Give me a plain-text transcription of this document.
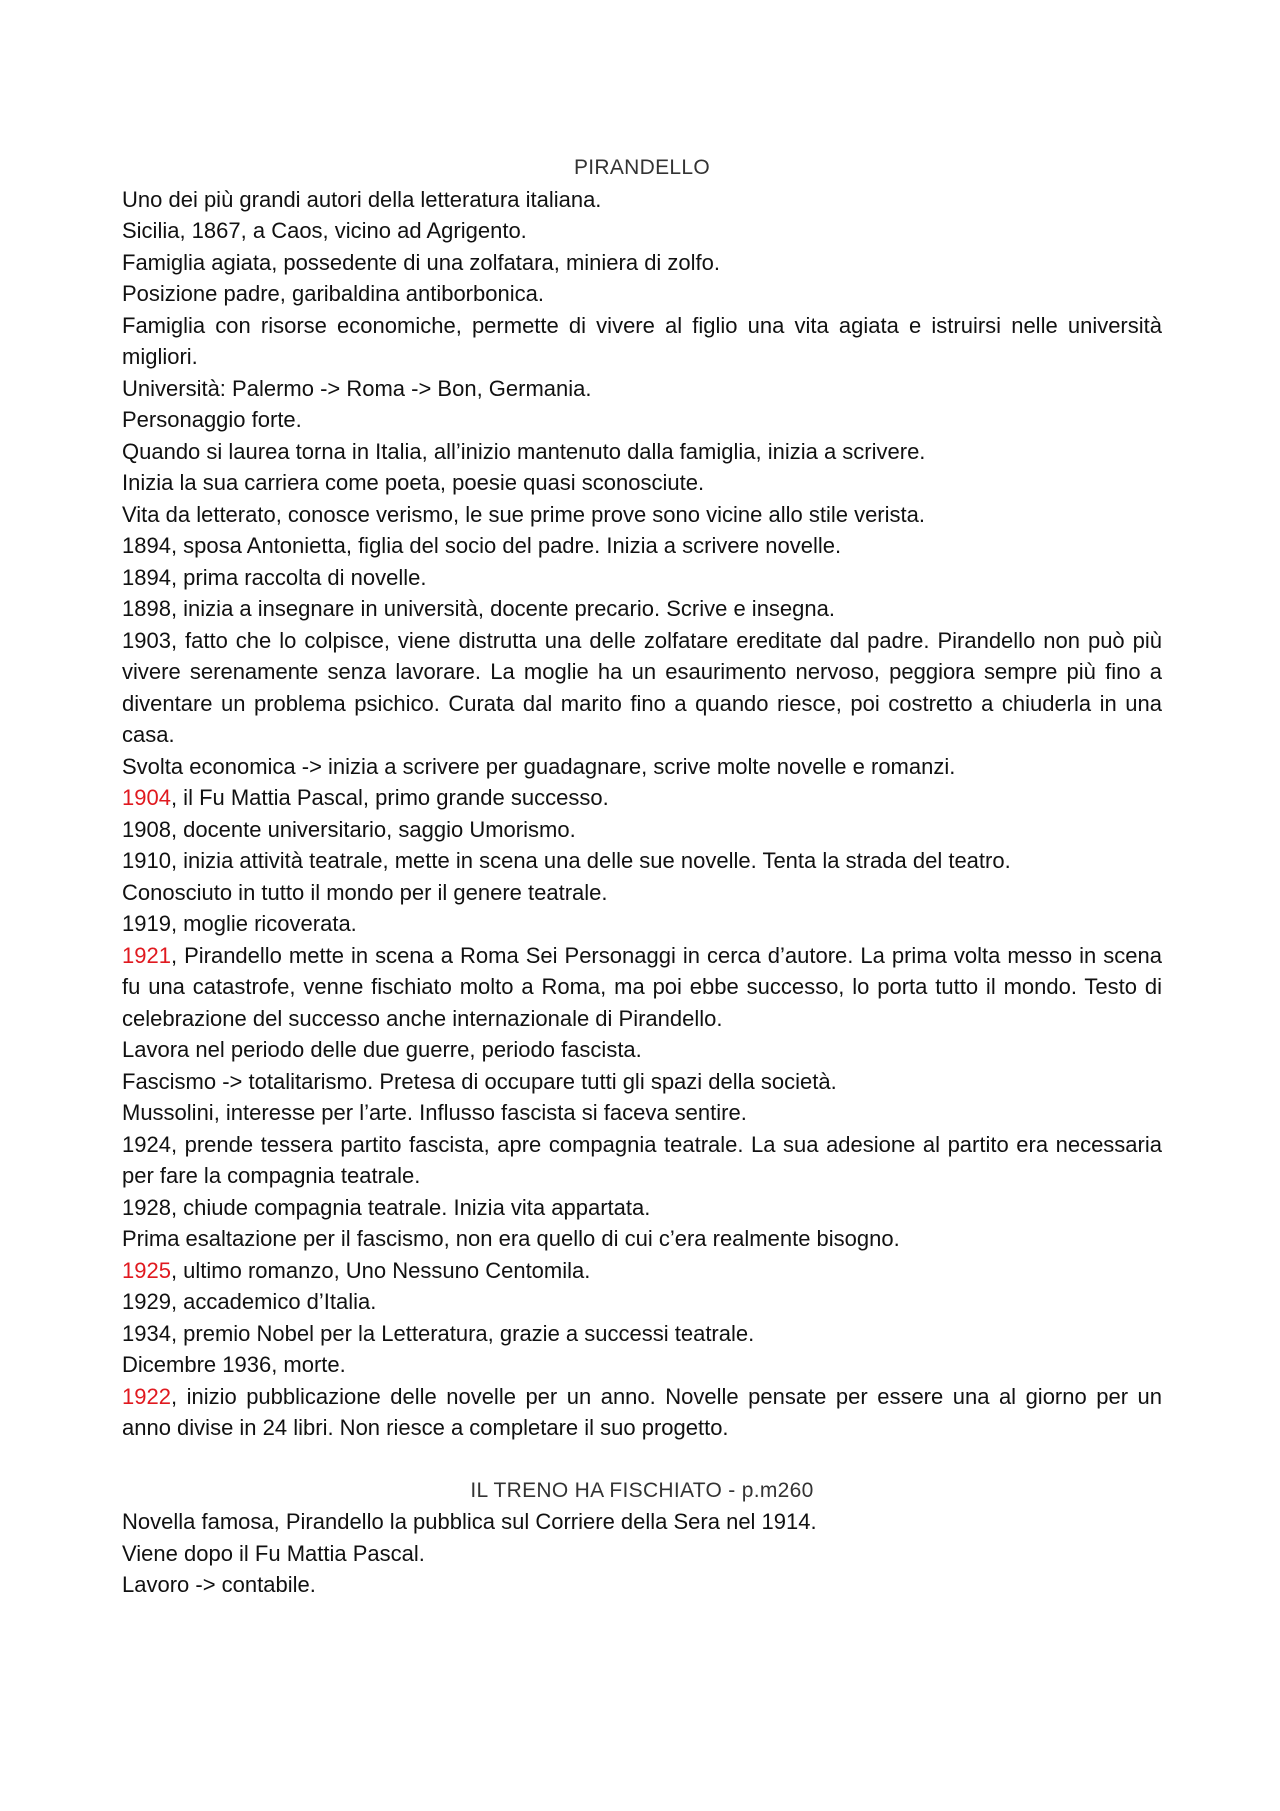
PIRANDELLO

Uno dei più grandi autori della letteratura italiana.

Sicilia, 1867, a Caos, vicino ad Agrigento.

Famiglia agiata, possedente di una zolfatara, miniera di zolfo.

Posizione padre, garibaldina antiborbonica.

Famiglia con risorse economiche, permette di vivere al figlio una vita agiata e istruirsi nelle università migliori.

Università: Palermo -> Roma -> Bon, Germania.

Personaggio forte.

Quando si laurea torna in Italia, all’inizio mantenuto dalla famiglia, inizia a scrivere.

Inizia la sua carriera come poeta, poesie quasi sconosciute.

Vita da letterato, conosce verismo, le sue prime prove sono vicine allo stile verista.

1894, sposa Antonietta, figlia del socio del padre. Inizia a scrivere novelle.

1894, prima raccolta di novelle.

1898, inizia a insegnare in università, docente precario. Scrive e insegna.

1903, fatto che lo colpisce, viene distrutta una delle zolfatare ereditate dal padre. Pirandello non può più vivere serenamente senza lavorare. La moglie ha un esaurimento nervoso, peggiora sempre più fino a diventare un problema psichico. Curata dal marito fino a quando riesce, poi costretto a chiuderla in una casa.

Svolta economica -> inizia a scrivere per guadagnare, scrive molte novelle e romanzi.

1904, il Fu Mattia Pascal, primo grande successo.

1908, docente universitario, saggio Umorismo.

1910, inizia attività teatrale, mette in scena una delle sue novelle. Tenta la strada del teatro.

Conosciuto in tutto il mondo per il genere teatrale.

1919, moglie ricoverata.

1921, Pirandello mette in scena a Roma Sei Personaggi in cerca d’autore. La prima volta messo in scena fu una catastrofe, venne fischiato molto a Roma, ma poi ebbe successo, lo porta tutto il mondo. Testo di celebrazione del successo anche internazionale di Pirandello.

Lavora nel periodo delle due guerre, periodo fascista.

Fascismo -> totalitarismo. Pretesa di occupare tutti gli spazi della società.

Mussolini, interesse per l’arte. Influsso fascista si faceva sentire.

1924, prende tessera partito fascista, apre compagnia teatrale. La sua adesione al partito era necessaria per fare la compagnia teatrale.

1928, chiude compagnia teatrale. Inizia vita appartata.

Prima esaltazione per il fascismo, non era quello di cui c’era realmente bisogno.

1925, ultimo romanzo, Uno Nessuno Centomila.

1929, accademico d’Italia.

1934, premio Nobel per la Letteratura, grazie a successi teatrale.

Dicembre 1936, morte.

1922, inizio pubblicazione delle novelle per un anno. Novelle pensate per essere una al giorno per un anno divise in 24 libri. Non riesce a completare il suo progetto.

IL TRENO HA FISCHIATO - p.m260

Novella famosa, Pirandello la pubblica sul Corriere della Sera nel 1914.

Viene dopo il Fu Mattia Pascal.

Lavoro -> contabile.
